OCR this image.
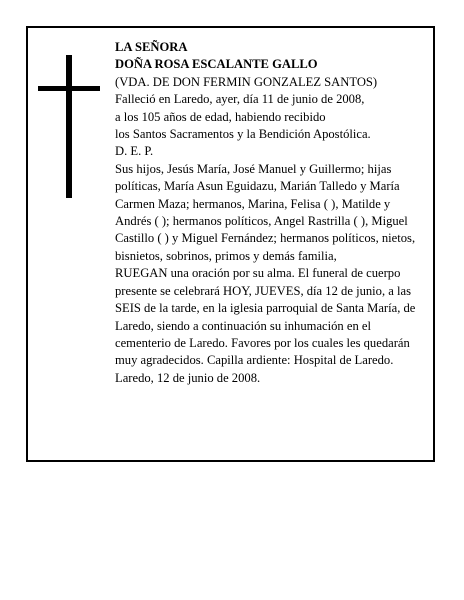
LA SEÑORA
DOÑA ROSA ESCALANTE GALLO
(VDA. DE DON FERMIN GONZALEZ SANTOS)
Falleció en Laredo, ayer, día 11 de junio de 2008,
a los 105 años de edad, habiendo recibido
los Santos Sacramentos y la Bendición Apostólica.
D. E. P.
Sus hijos, Jesús María, José Manuel y Guillermo; hijas políticas, María Asun Eguidazu, Marián Talledo y María Carmen Maza; hermanos, Marina, Felisa ( ), Matilde y Andrés ( ); hermanos políticos, Angel Rastrilla ( ), Miguel Castillo ( ) y Miguel Fernández; hermanos políticos, nietos, bisnietos, sobrinos, primos y demás familia,
RUEGAN una oración por su alma. El funeral de cuerpo presente se celebrará HOY, JUEVES, día 12 de junio, a las SEIS de la tarde, en la iglesia parroquial de Santa María, de Laredo, siendo a continuación su inhumación en el cementerio de Laredo. Favores por los cuales les quedarán muy agradecidos. Capilla ardiente: Hospital de Laredo.
Laredo, 12 de junio de 2008.
